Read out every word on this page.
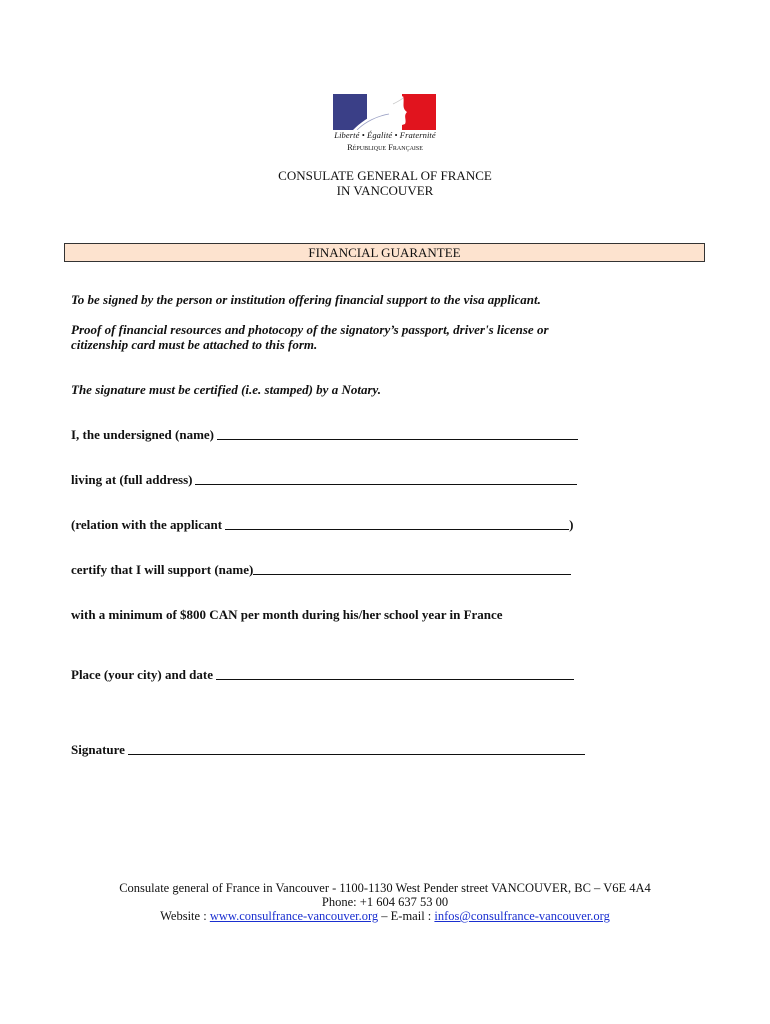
Liberté • Égalité • Fraternité
République Française
CONSULATE GENERAL OF FRANCE
IN VANCOUVER
FINANCIAL GUARANTEE
To be signed by the person or institution offering financial support to the visa applicant.
Proof of financial resources and photocopy of the signatory’s passport, driver's license or
citizenship card must be attached to this form.
The signature must be certified (i.e. stamped) by a Notary.
I, the undersigned (name)
living at (full address)
(relation with the applicant	)
certify that I will support (name)
with a minimum of $800 CAN per month during his/her school year in France
Place (your city) and date
Signature
Consulate general of France in Vancouver - 1100-1130 West Pender street VANCOUVER, BC – V6E 4A4
Phone: +1 604 637 53 00
Website : www.consulfrance-vancouver.org – E-mail : infos@consulfrance-vancouver.org
